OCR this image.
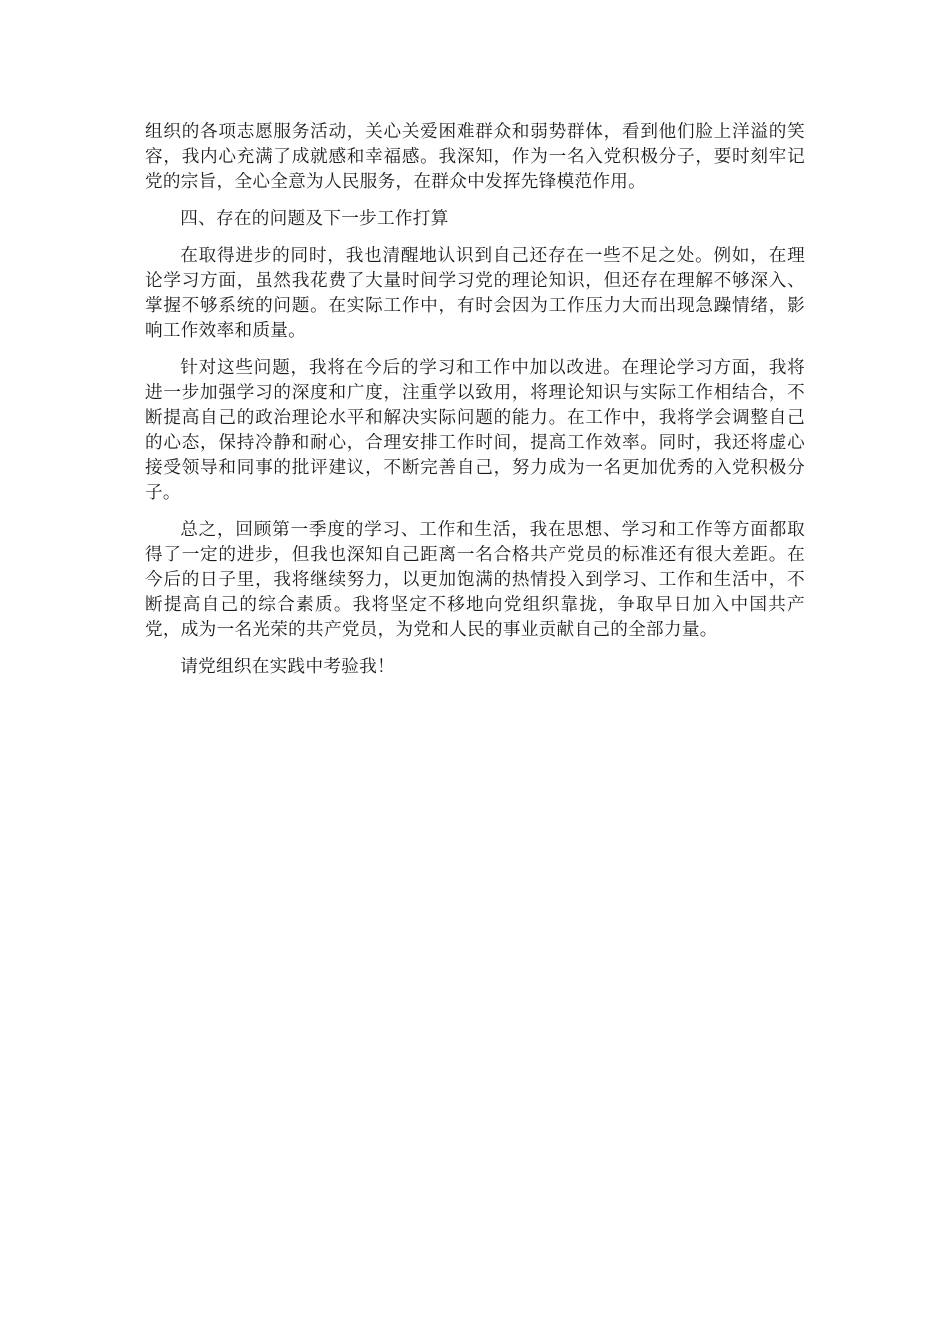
组织的各项志愿服务活动，关心关爱困难群众和弱势群体，看到他们脸上洋溢的笑容，我内心充满了成就感和幸福感。我深知，作为一名入党积极分子，要时刻牢记党的宗旨，全心全意为人民服务，在群众中发挥先锋模范作用。

四、存在的问题及下一步工作打算

在取得进步的同时，我也清醒地认识到自己还存在一些不足之处。例如，在理论学习方面，虽然我花费了大量时间学习党的理论知识，但还存在理解不够深入、掌握不够系统的问题。在实际工作中，有时会因为工作压力大而出现急躁情绪，影响工作效率和质量。

针对这些问题，我将在今后的学习和工作中加以改进。在理论学习方面，我将进一步加强学习的深度和广度，注重学以致用，将理论知识与实际工作相结合，不断提高自己的政治理论水平和解决实际问题的能力。在工作中，我将学会调整自己的心态，保持冷静和耐心，合理安排工作时间，提高工作效率。同时，我还将虚心接受领导和同事的批评建议，不断完善自己，努力成为一名更加优秀的入党积极分子。

总之，回顾第一季度的学习、工作和生活，我在思想、学习和工作等方面都取得了一定的进步，但我也深知自己距离一名合格共产党员的标准还有很大差距。在今后的日子里，我将继续努力，以更加饱满的热情投入到学习、工作和生活中，不断提高自己的综合素质。我将坚定不移地向党组织靠拢，争取早日加入中国共产党，成为一名光荣的共产党员，为党和人民的事业贡献自己的全部力量。

请党组织在实践中考验我！
